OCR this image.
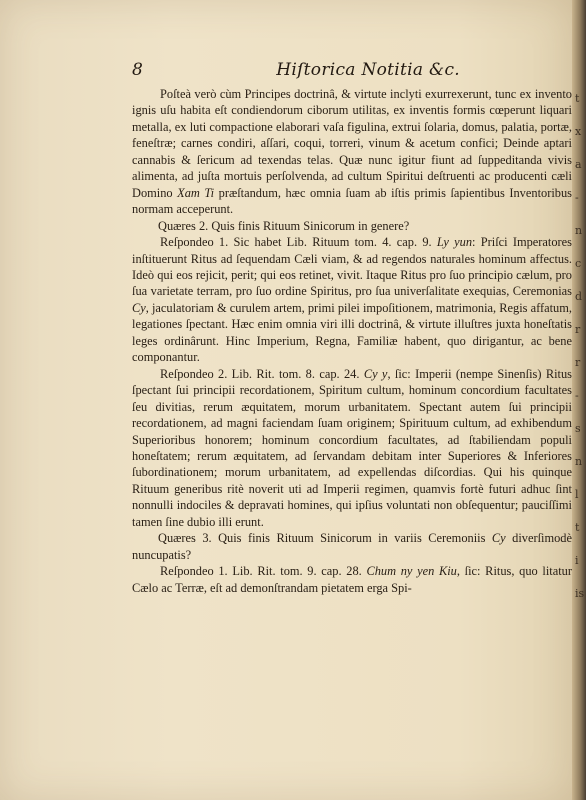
8	Hiſtorica Notitia &c.

Poſteà verò cùm Principes doctrinâ, & virtute inclyti exurrexerunt, tunc ex invento ignis uſu habita eſt condiendorum ciborum utilitas, ex inventis formis cœperunt liquari metalla, ex luti compactione elaborari vaſa figulina, extrui ſolaria, domus, palatia, portæ, feneſtræ; carnes condiri, aſſari, coqui, torreri, vinum & acetum confici; Deinde aptari cannabis & ſericum ad texendas telas. Quæ nunc igitur fiunt ad ſuppeditanda vivis alimenta, ad juſta mortuis perſolvenda, ad cultum Spiritui deſtruenti ac producenti cæli Domino Xam Ti præſtandum, hæc omnia ſuam ab iſtis primis ſapientibus Inventoribus normam acceperunt.

Quæres 2. Quis finis Rituum Sinicorum in genere?

Reſpondeo 1. Sic habet Lib. Rituum tom. 4. cap. 9. Ly yun: Priſci Imperatores inſtituerunt Ritus ad ſequendam Cæli viam, & ad regendos naturales hominum affectus. Ideò qui eos rejicit, perit; qui eos retinet, vivit. Itaque Ritus pro ſuo principio cælum, pro ſua varietate terram, pro ſuo ordine Spiritus, pro ſua univerſalitate exequias, Ceremonias Cy, jaculatoriam & curulem artem, primi pilei impoſitionem, matrimonia, Regis affatum, legationes ſpectant. Hæc enim omnia viri illi doctrinâ, & virtute illuſtres juxta honeſtatis leges ordinârunt. Hinc Imperium, Regna, Familiæ habent, quo dirigantur, ac bene componantur.

Reſpondeo 2. Lib. Rit. tom. 8. cap. 24. Cy y, ſic: Imperii (nempe Sinenſis) Ritus ſpectant ſui principii recordationem, Spiritum cultum, hominum concordium facultates ſeu divitias, rerum æquitatem, morum urbanitatem. Spectant autem ſui principii recordationem, ad magni faciendam ſuam originem; Spirituum cultum, ad exhibendum Superioribus honorem; hominum concordium facultates, ad ſtabiliendam populi honeſtatem; rerum æquitatem, ad ſervandam debitam inter Superiores & Inferiores ſubordinationem; morum urbanitatem, ad expellendas diſcordias. Qui his quinque Rituum generibus ritè noverit uti ad Imperii regimen, quamvis fortè futuri adhuc ſint nonnulli indociles & depravati homines, qui ipſius voluntati non obſequentur; pauciſſimi tamen ſine dubio illi erunt.

Quæres 3. Quis finis Rituum Sinicorum in variis Ceremoniis Cy diverſimodè nuncupatis?

Reſpondeo 1. Lib. Rit. tom. 9. cap. 28. Chum ny yen Kiu, ſic: Ritus, quo litatur Cælo ac Terræ, eſt ad demonſtrandam pietatem erga Spi-

t
x
a
-
n
c
d
r
r
-
s
n
l
t
i
is
